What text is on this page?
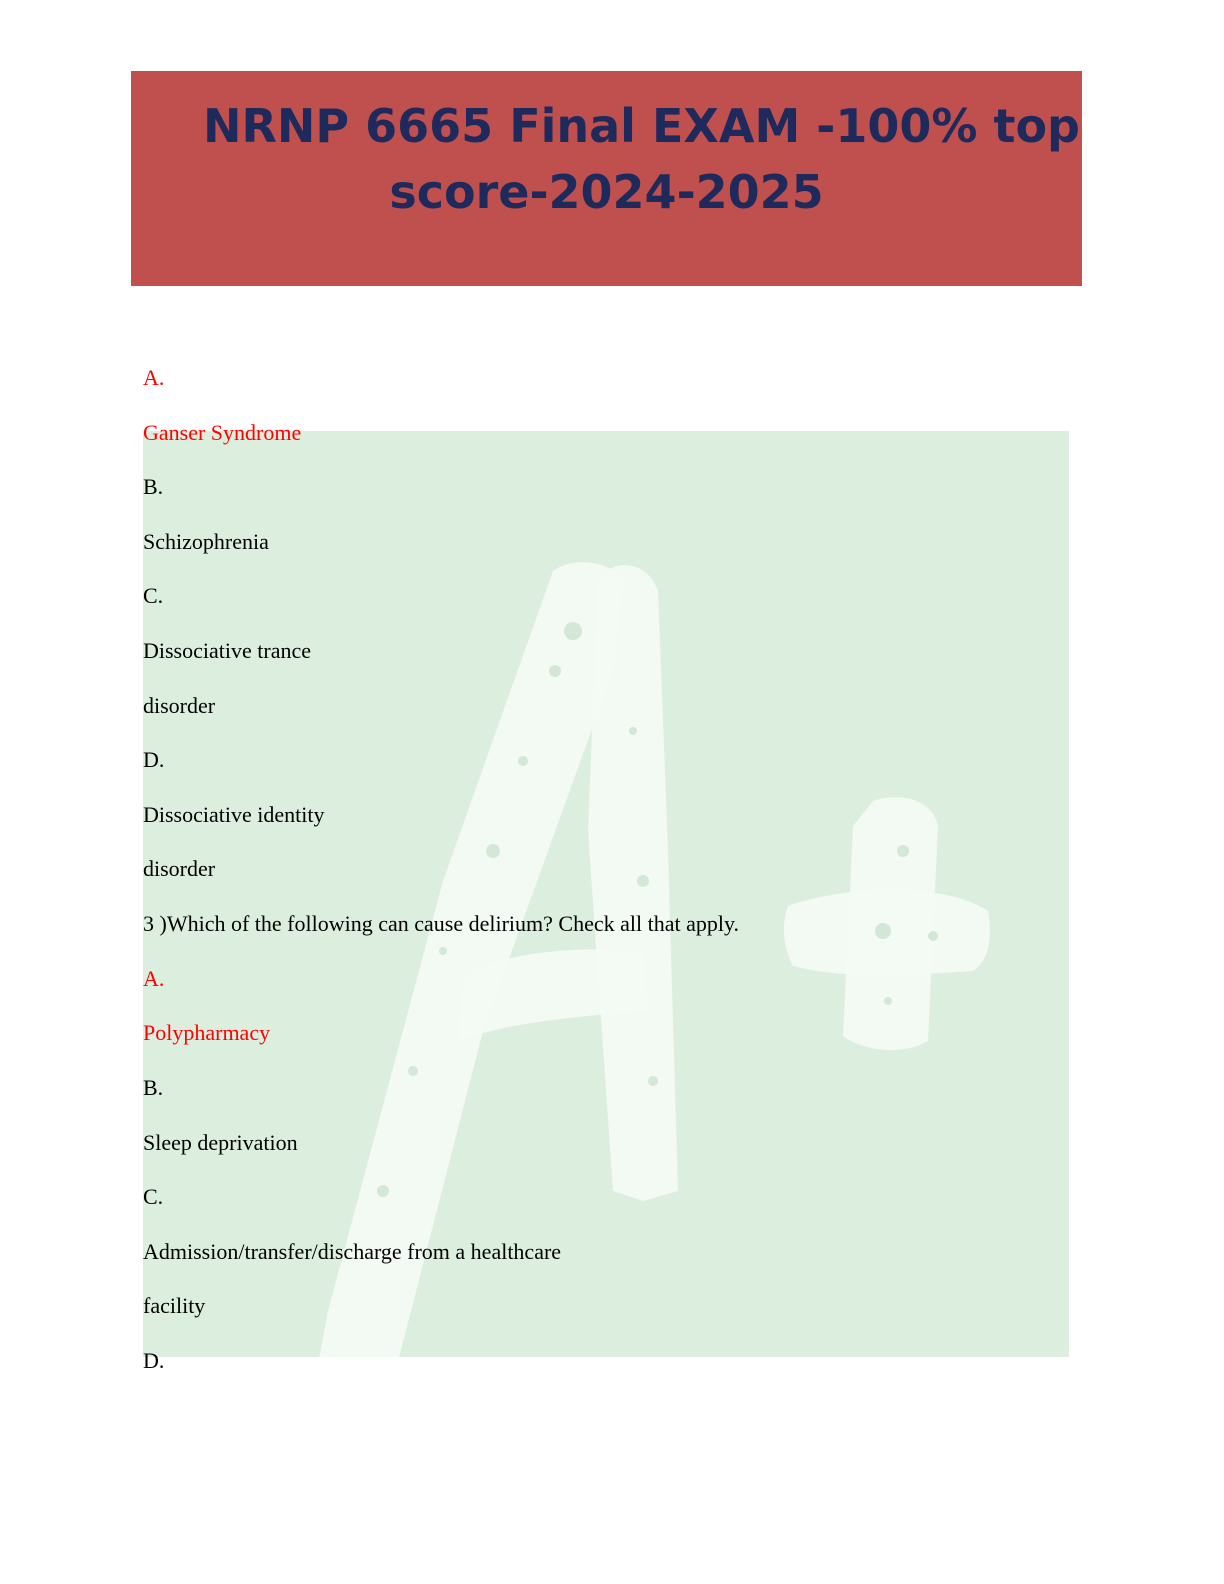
NRNP 6665 Final EXAM -100% top
score-2024-2025
A.
Ganser Syndrome
B.
Schizophrenia
C.
Dissociative trance
disorder
D.
Dissociative identity
disorder
3 )Which of the following can cause delirium? Check all that apply.
A.
Polypharmacy
B.
Sleep deprivation
C.
Admission/transfer/discharge from a healthcare
facility
D.
